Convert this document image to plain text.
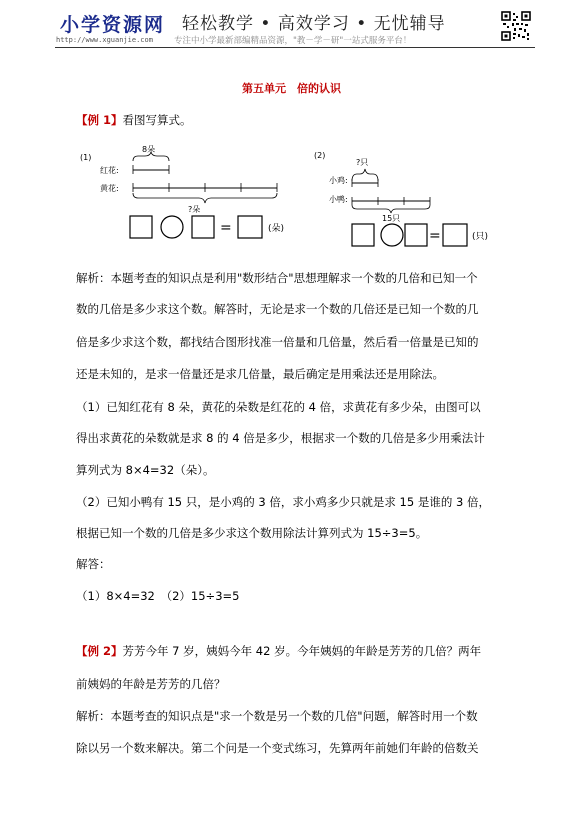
小学资源网
http://www.xguanjie.com
轻松教学 • 高效学习 • 无忧辅导
专注中小学最新部编精品资源，"教－学－研"一站式服务平台！
第五单元　倍的认识
【例 1】看图写算式。
(1)
8朵
红花:
黄花:
?朵
=	(朵)
(2)
?只
小鸡:
小鸭:
15只
=	(只)
解析：本题考查的知识点是利用"数形结合"思想理解求一个数的几倍和已知一个
数的几倍是多少求这个数。解答时，无论是求一个数的几倍还是已知一个数的几
倍是多少求这个数，都找结合图形找准一倍量和几倍量，然后看一倍量是已知的
还是未知的，是求一倍量还是求几倍量，最后确定是用乘法还是用除法。
（1）已知红花有 8 朵，黄花的朵数是红花的 4 倍，求黄花有多少朵，由图可以
得出求黄花的朵数就是求 8 的 4 倍是多少，根据求一个数的几倍是多少用乘法计
算列式为 8×4=32（朵）。
（2）已知小鸭有 15 只，是小鸡的 3 倍，求小鸡多少只就是求 15 是谁的 3 倍，
根据已知一个数的几倍是多少求这个数用除法计算列式为 15÷3=5。
解答：
（1）8×4=32　（2）15÷3=5
【例 2】芳芳今年 7 岁，姨妈今年 42 岁。今年姨妈的年龄是芳芳的几倍？两年
前姨妈的年龄是芳芳的几倍？
解析：本题考查的知识点是"求一个数是另一个数的几倍"问题，解答时用一个数
除以另一个数来解决。第二个问是一个变式练习，先算两年前她们年龄的倍数关
